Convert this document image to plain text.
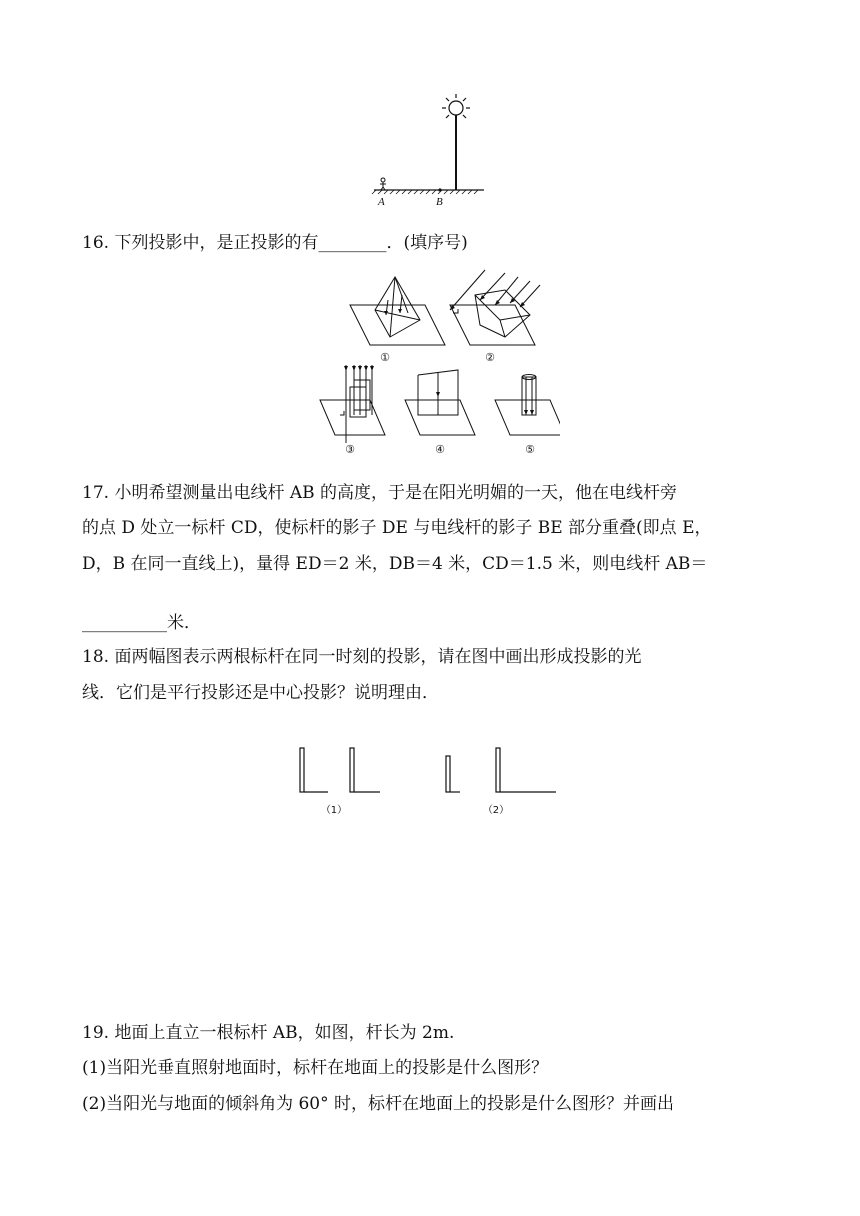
A	B
16. 下列投影中，是正投影的有________．(填序号)
①	②
③	④	⑤
17. 小明希望测量出电线杆 AB 的高度，于是在阳光明媚的一天，他在电线杆旁
的点 D 处立一标杆 CD，使标杆的影子 DE 与电线杆的影子 BE 部分重叠(即点 E，
D，B 在同一直线上)，量得 ED＝2 米，DB＝4 米，CD＝1.5 米，则电线杆 AB＝
__________米．
18. 面两幅图表示两根标杆在同一时刻的投影，请在图中画出形成投影的光
线．它们是平行投影还是中心投影？说明理由．
（1）	（2）
19. 地面上直立一根标杆 AB，如图，杆长为 2m.
(1)当阳光垂直照射地面时，标杆在地面上的投影是什么图形？
(2)当阳光与地面的倾斜角为 60° 时，标杆在地面上的投影是什么图形？并画出
